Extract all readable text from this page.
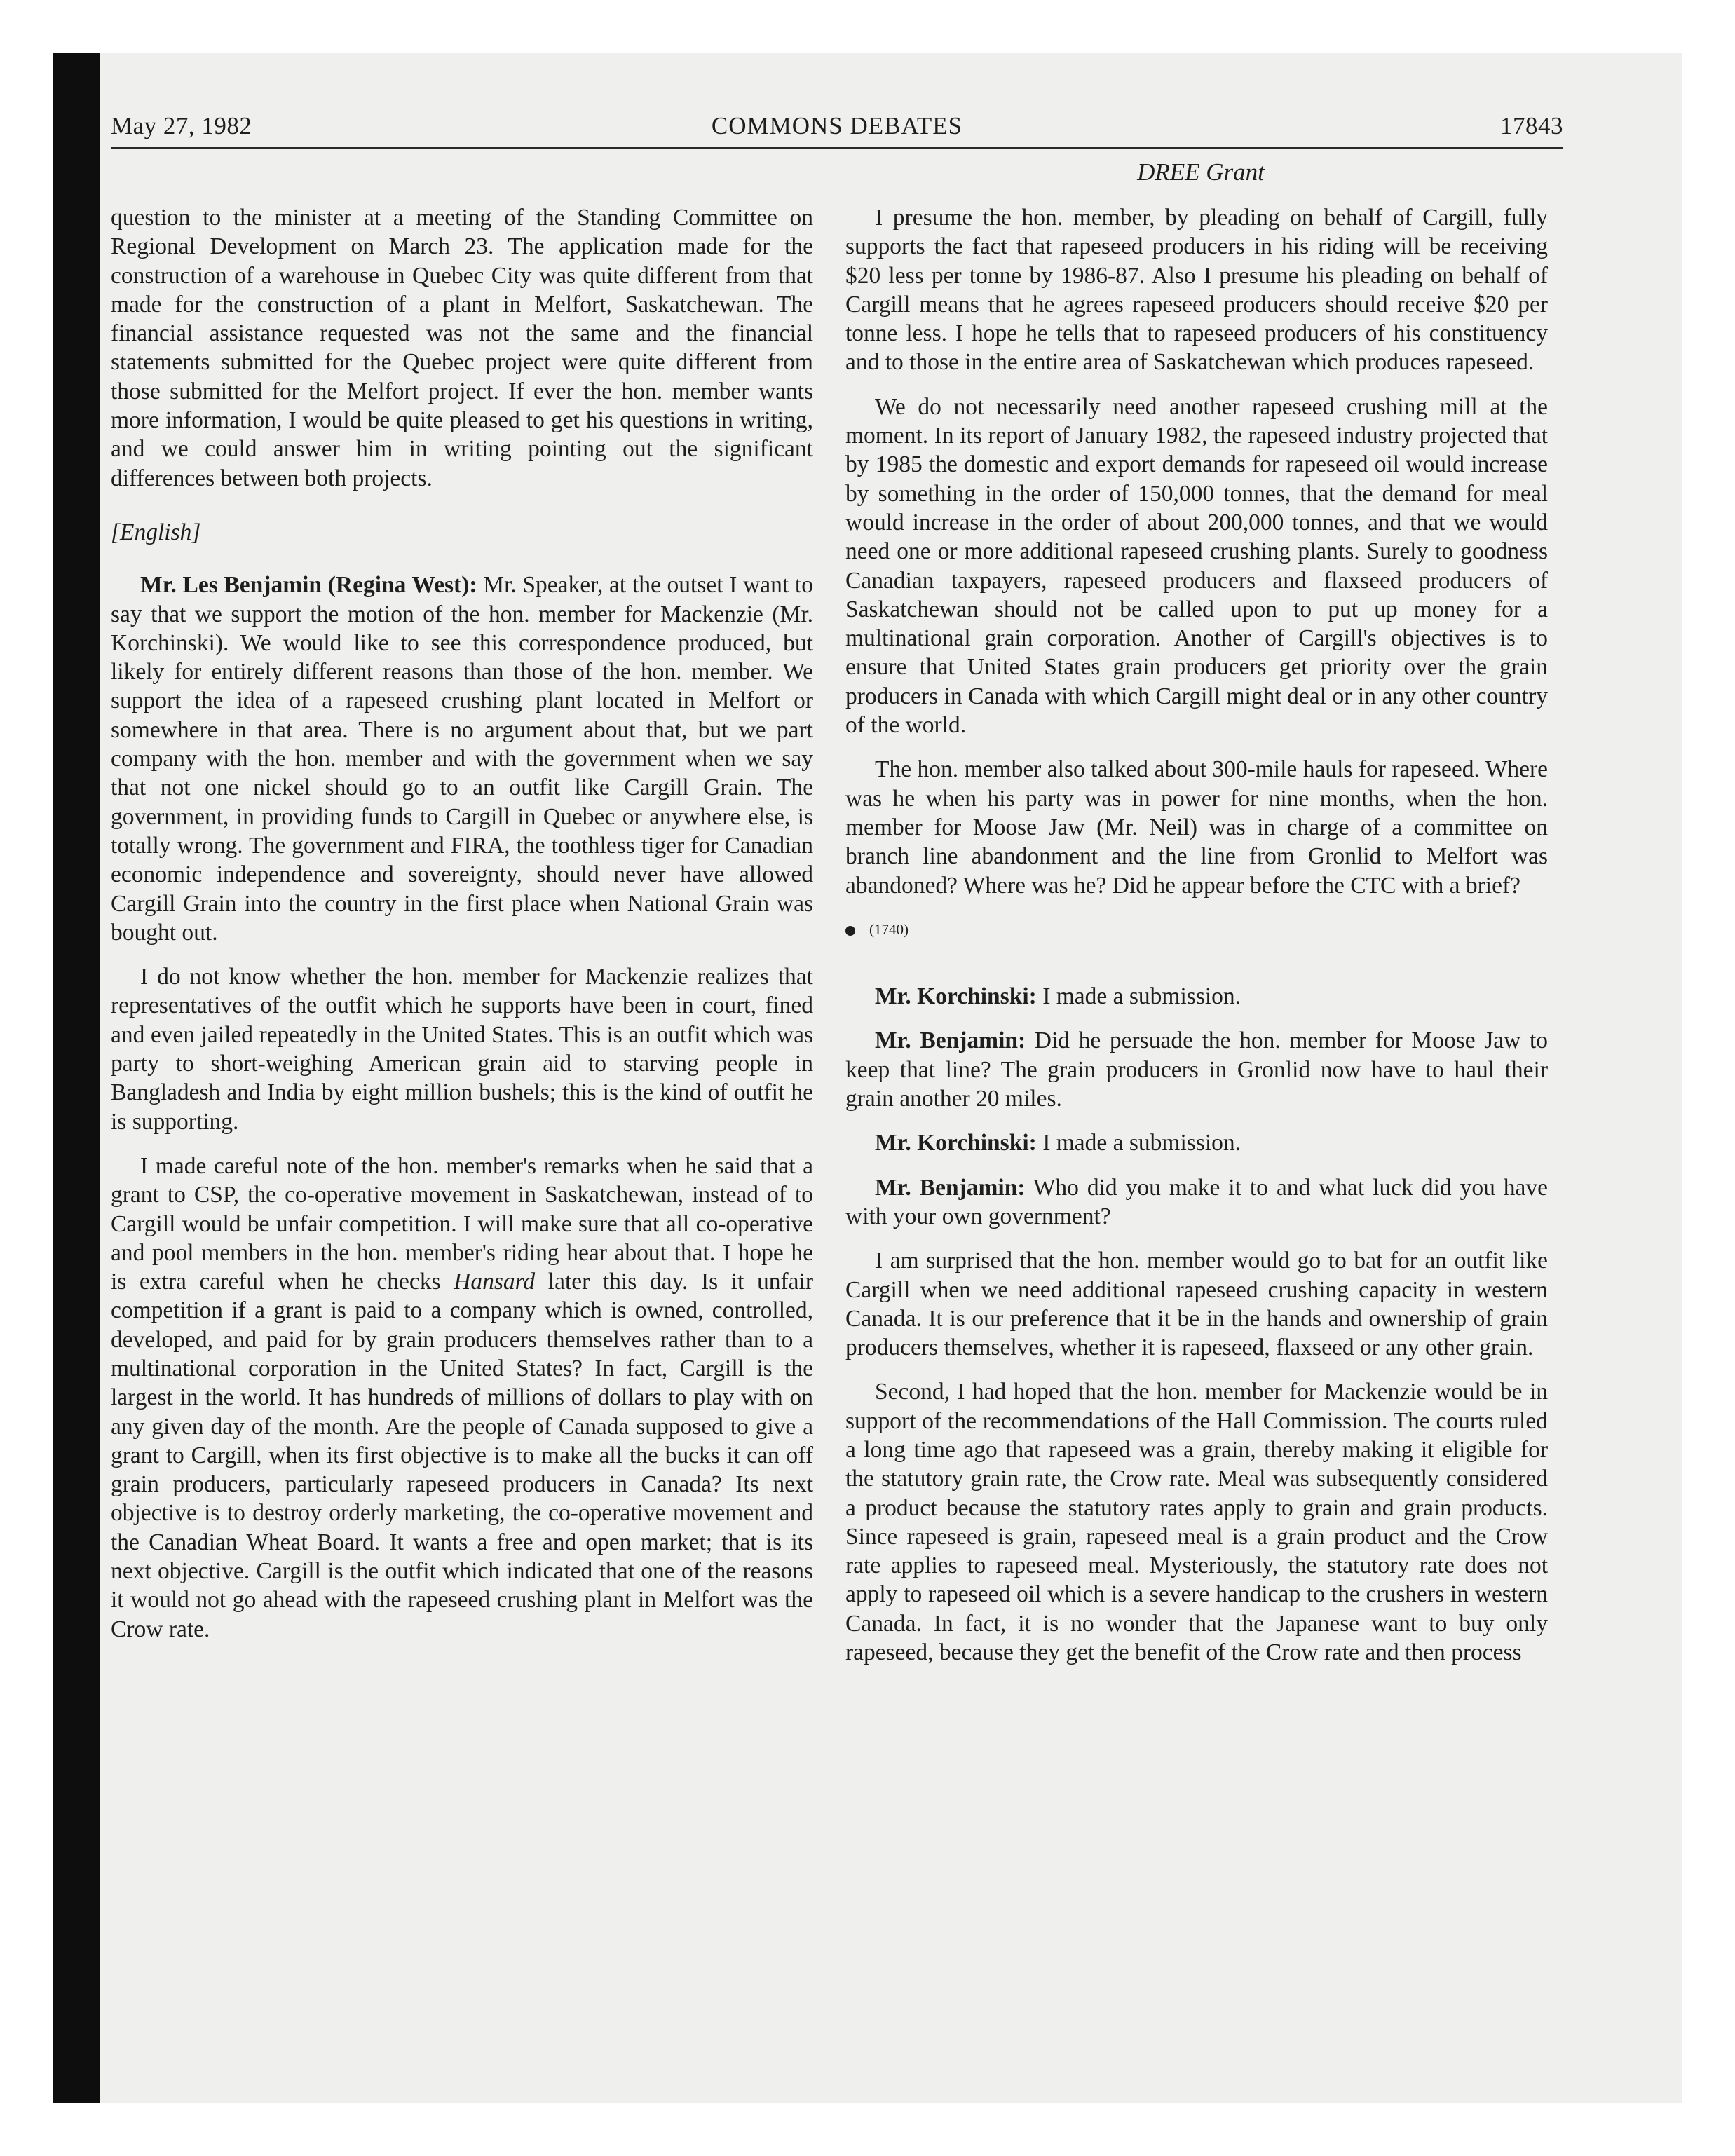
May 27, 1982	COMMONS DEBATES	17843
DREE Grant

question to the minister at a meeting of the Standing Committee on Regional Development on March 23. The application made for the construction of a warehouse in Quebec City was quite different from that made for the construction of a plant in Melfort, Saskatchewan. The financial assistance requested was not the same and the financial statements submitted for the Quebec project were quite different from those submitted for the Melfort project. If ever the hon. member wants more information, I would be quite pleased to get his questions in writing, and we could answer him in writing pointing out the significant differences between both projects.

[English]

Mr. Les Benjamin (Regina West): Mr. Speaker, at the outset I want to say that we support the motion of the hon. member for Mackenzie (Mr. Korchinski). We would like to see this correspondence produced, but likely for entirely different reasons than those of the hon. member. We support the idea of a rapeseed crushing plant located in Melfort or somewhere in that area. There is no argument about that, but we part company with the hon. member and with the government when we say that not one nickel should go to an outfit like Cargill Grain. The government, in providing funds to Cargill in Quebec or anywhere else, is totally wrong. The government and FIRA, the toothless tiger for Canadian economic independence and sovereignty, should never have allowed Cargill Grain into the country in the first place when National Grain was bought out.

I do not know whether the hon. member for Mackenzie realizes that representatives of the outfit which he supports have been in court, fined and even jailed repeatedly in the United States. This is an outfit which was party to short-weighing American grain aid to starving people in Bangladesh and India by eight million bushels; this is the kind of outfit he is supporting.

I made careful note of the hon. member's remarks when he said that a grant to CSP, the co-operative movement in Saskatchewan, instead of to Cargill would be unfair competition. I will make sure that all co-operative and pool members in the hon. member's riding hear about that. I hope he is extra careful when he checks Hansard later this day. Is it unfair competition if a grant is paid to a company which is owned, controlled, developed, and paid for by grain producers themselves rather than to a multinational corporation in the United States? In fact, Cargill is the largest in the world. It has hundreds of millions of dollars to play with on any given day of the month. Are the people of Canada supposed to give a grant to Cargill, when its first objective is to make all the bucks it can off grain producers, particularly rapeseed producers in Canada? Its next objective is to destroy orderly marketing, the co-operative movement and the Canadian Wheat Board. It wants a free and open market; that is its next objective. Cargill is the outfit which indicated that one of the reasons it would not go ahead with the rapeseed crushing plant in Melfort was the Crow rate.

I presume the hon. member, by pleading on behalf of Cargill, fully supports the fact that rapeseed producers in his riding will be receiving $20 less per tonne by 1986-87. Also I presume his pleading on behalf of Cargill means that he agrees rapeseed producers should receive $20 per tonne less. I hope he tells that to rapeseed producers of his constituency and to those in the entire area of Saskatchewan which produces rapeseed.

We do not necessarily need another rapeseed crushing mill at the moment. In its report of January 1982, the rapeseed industry projected that by 1985 the domestic and export demands for rapeseed oil would increase by something in the order of 150,000 tonnes, that the demand for meal would increase in the order of about 200,000 tonnes, and that we would need one or more additional rapeseed crushing plants. Surely to goodness Canadian taxpayers, rapeseed producers and flaxseed producers of Saskatchewan should not be called upon to put up money for a multinational grain corporation. Another of Cargill's objectives is to ensure that United States grain producers get priority over the grain producers in Canada with which Cargill might deal or in any other country of the world.

The hon. member also talked about 300-mile hauls for rapeseed. Where was he when his party was in power for nine months, when the hon. member for Moose Jaw (Mr. Neil) was in charge of a committee on branch line abandonment and the line from Gronlid to Melfort was abandoned? Where was he? Did he appear before the CTC with a brief?

(1740)

Mr. Korchinski: I made a submission.

Mr. Benjamin: Did he persuade the hon. member for Moose Jaw to keep that line? The grain producers in Gronlid now have to haul their grain another 20 miles.

Mr. Korchinski: I made a submission.

Mr. Benjamin: Who did you make it to and what luck did you have with your own government?

I am surprised that the hon. member would go to bat for an outfit like Cargill when we need additional rapeseed crushing capacity in western Canada. It is our preference that it be in the hands and ownership of grain producers themselves, whether it is rapeseed, flaxseed or any other grain.

Second, I had hoped that the hon. member for Mackenzie would be in support of the recommendations of the Hall Commission. The courts ruled a long time ago that rapeseed was a grain, thereby making it eligible for the statutory grain rate, the Crow rate. Meal was subsequently considered a product because the statutory rates apply to grain and grain products. Since rapeseed is grain, rapeseed meal is a grain product and the Crow rate applies to rapeseed meal. Mysteriously, the statutory rate does not apply to rapeseed oil which is a severe handicap to the crushers in western Canada. In fact, it is no wonder that the Japanese want to buy only rapeseed, because they get the benefit of the Crow rate and then process
